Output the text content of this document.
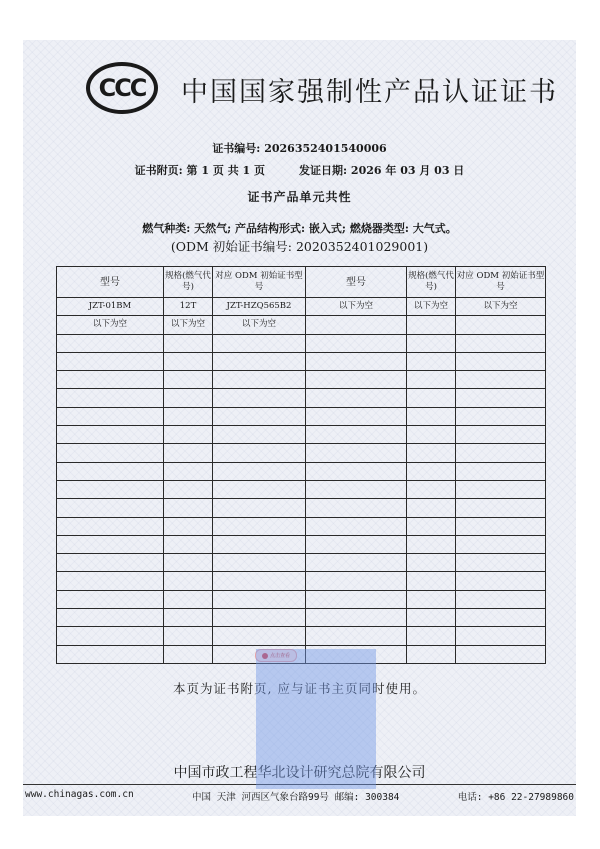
CCC 中国国家强制性产品认证证书
证书编号: 2026352401540006
证书附页: 第 1 页 共 1 页	发证日期: 2026 年 03 月 03 日
证书产品单元共性
燃气种类: 天然气; 产品结构形式: 嵌入式; 燃烧器类型: 大气式。
(ODM 初始证书编号: 2020352401029001)
型号	规格(燃气代号)	对应 ODM 初始证书型号	型号	规格(燃气代号)	对应 ODM 初始证书型号
JZT-01BM	12T	JZT-HZQ565B2	以下为空	以下为空	以下为空
以下为空	以下为空	以下为空			

点击查看
本页为证书附页, 应与证书主页同时使用。
中国市政工程华北设计研究总院有限公司
www.chinagas.com.cn	中国 天津 河西区气象台路99号 邮编: 300384	电话: +86 22-27989860
